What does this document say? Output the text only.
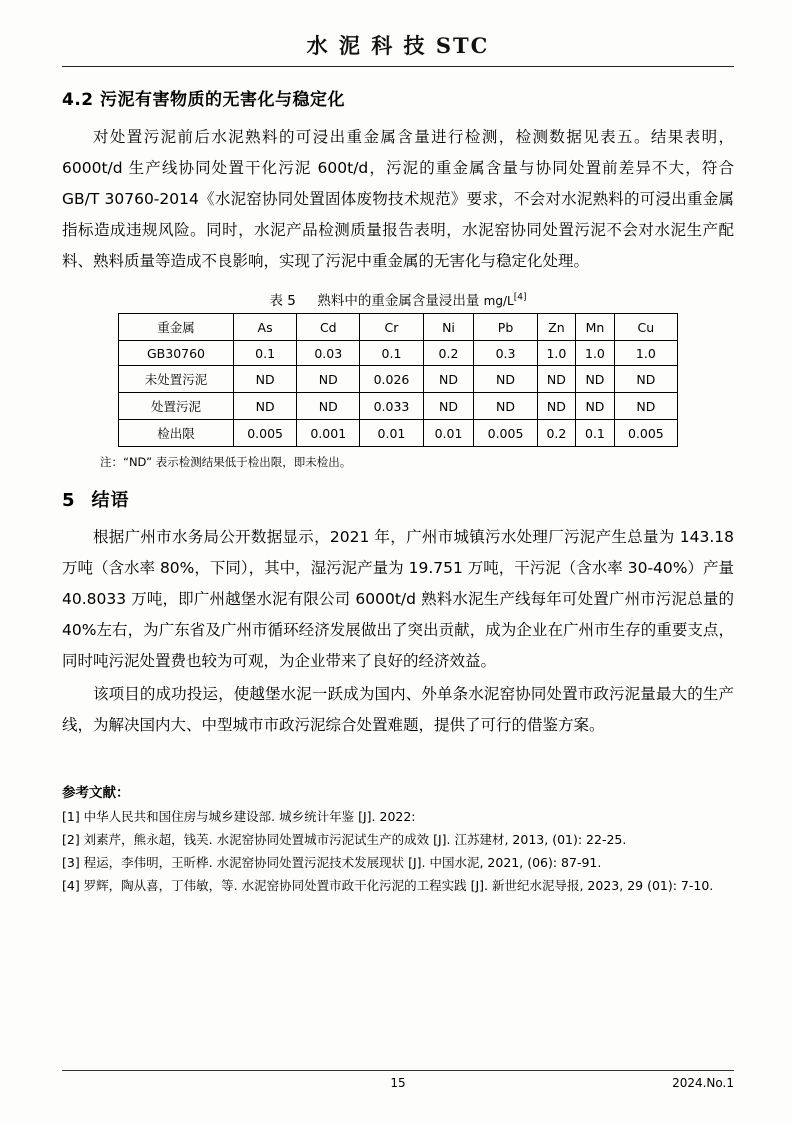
水 泥 科 技 STC
4.2 污泥有害物质的无害化与稳定化

对处置污泥前后水泥熟料的可浸出重金属含量进行检测，检测数据见表五。结果表明，6000t/d 生产线协同处置干化污泥 600t/d，污泥的重金属含量与协同处置前差异不大，符合 GB/T 30760-2014《水泥窑协同处置固体废物技术规范》要求，不会对水泥熟料的可浸出重金属指标造成违规风险。同时，水泥产品检测质量报告表明，水泥窑协同处置污泥不会对水泥生产配料、熟料质量等造成不良影响，实现了污泥中重金属的无害化与稳定化处理。

表 5 熟料中的重金属含量浸出量 mg/L[4]
重金属	As	Cd	Cr	Ni	Pb	Zn	Mn	Cu
GB30760	0.1	0.03	0.1	0.2	0.3	1.0	1.0	1.0
未处置污泥	ND	ND	0.026	ND	ND	ND	ND	ND
处置污泥	ND	ND	0.033	ND	ND	ND	ND	ND
检出限	0.005	0.001	0.01	0.01	0.005	0.2	0.1	0.005
注：“ND” 表示检测结果低于检出限，即未检出。
5 结语

根据广州市水务局公开数据显示，2021 年，广州市城镇污水处理厂污泥产生总量为 143.18 万吨（含水率 80%，下同），其中，湿污泥产量为 19.751 万吨，干污泥（含水率 30-40%）产量 40.8033 万吨，即广州越堡水泥有限公司 6000t/d 熟料水泥生产线每年可处置广州市污泥总量的 40%左右，为广东省及广州市循环经济发展做出了突出贡献，成为企业在广州市生存的重要支点，同时吨污泥处置费也较为可观，为企业带来了良好的经济效益。

该项目的成功投运，使越堡水泥一跃成为国内、外单条水泥窑协同处置市政污泥量最大的生产线，为解决国内大、中型城市市政污泥综合处置难题，提供了可行的借鉴方案。

参考文献：
[1] 中华人民共和国住房与城乡建设部. 城乡统计年鉴 [J]. 2022:
[2] 刘素芹，熊永超，钱芙. 水泥窑协同处置城市污泥试生产的成效 [J]. 江苏建材, 2013, (01): 22-25.
[3] 程运，李伟明，王昕桦. 水泥窑协同处置污泥技术发展现状 [J]. 中国水泥, 2021, (06): 87-91.
[4] 罗辉，陶从喜，丁伟敏，等. 水泥窑协同处置市政干化污泥的工程实践 [J]. 新世纪水泥导报, 2023, 29 (01): 7-10.
15	2024.No.1
